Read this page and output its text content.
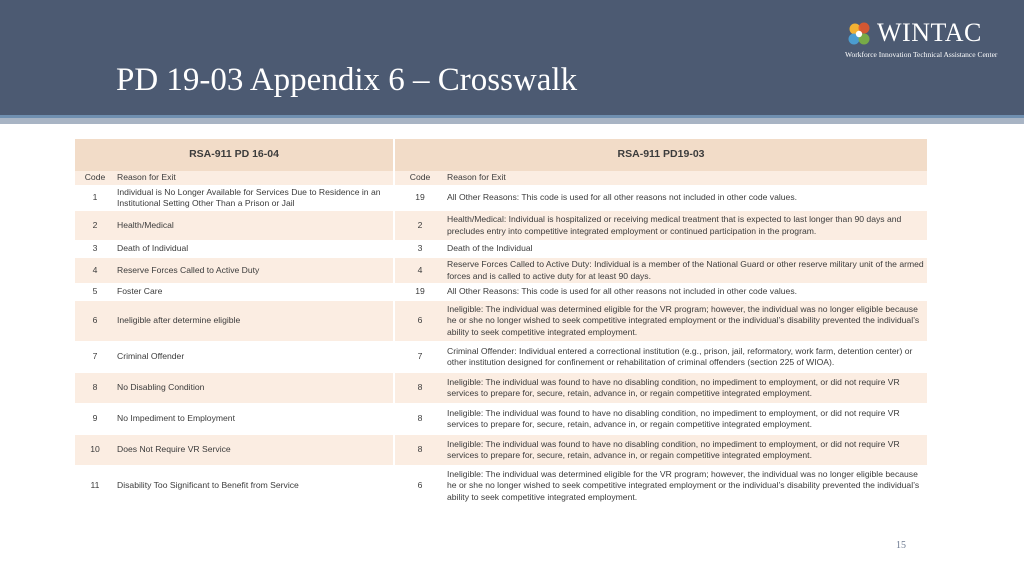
PD 19-03 Appendix 6 – Crosswalk
WINTAC
Workforce Innovation Technical Assistance Center
RSA-911 PD 16-04			RSA-911 PD19-03	
Code	Reason for Exit		Code	Reason for Exit
1	Individual is No Longer Available for Services Due to Residence in an Institutional Setting Other Than a Prison or Jail		19	All Other Reasons: This code is used for all other reasons not included in other code values.
2	Health/Medical		2	Health/Medical: Individual is hospitalized or receiving medical treatment that is expected to last longer than 90 days and precludes entry into competitive integrated employment or continued participation in the program.
3	Death of Individual		3	Death of the Individual
4	Reserve Forces Called to Active Duty		4	Reserve Forces Called to Active Duty: Individual is a member of the National Guard or other reserve military unit of the armed forces and is called to active duty for at least 90 days.
5	Foster Care		19	All Other Reasons: This code is used for all other reasons not included in other code values.
6	Ineligible after determine eligible		6	Ineligible: The individual was determined eligible for the VR program; however, the individual was no longer eligible because he or she no longer wished to seek competitive integrated employment or the individual’s disability prevented the individual’s ability to seek competitive integrated employment.
7	Criminal Offender		7	Criminal Offender: Individual entered a correctional institution (e.g., prison, jail, reformatory, work farm, detention center) or other institution designed for confinement or rehabilitation of criminal offenders (section 225 of WIOA).
8	No Disabling Condition		8	Ineligible: The individual was found to have no disabling condition, no impediment to employment, or did not require VR services to prepare for, secure, retain, advance in, or regain competitive integrated employment.
9	No Impediment to Employment		8	Ineligible: The individual was found to have no disabling condition, no impediment to employment, or did not require VR services to prepare for, secure, retain, advance in, or regain competitive integrated employment.
10	Does Not Require VR Service		8	Ineligible: The individual was found to have no disabling condition, no impediment to employment, or did not require VR services to prepare for, secure, retain, advance in, or regain competitive integrated employment.
11	Disability Too Significant to Benefit from Service		6	Ineligible: The individual was determined eligible for the VR program; however, the individual was no longer eligible because he or she no longer wished to seek competitive integrated employment or the individual’s disability prevented the individual’s ability to seek competitive integrated employment.
15
